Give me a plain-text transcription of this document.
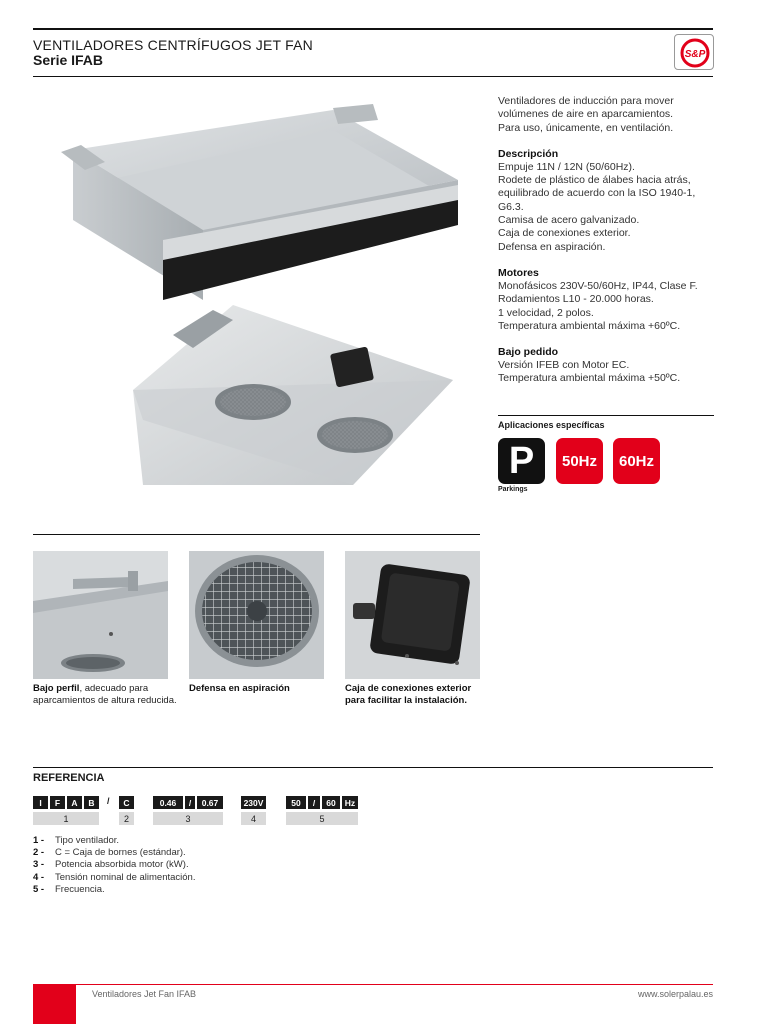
VENTILADORES CENTRÍFUGOS JET FAN
Serie IFAB	S&P

Ventiladores de inducción para mover
volúmenes de aire en aparcamientos.
Para uso, únicamente, en ventilación.

Descripción

Empuje 11N / 12N (50/60Hz).
Rodete de plástico de álabes hacia atrás,
equilibrado de acuerdo con la ISO 1940-1,
G6.3.
Camisa de acero galvanizado.
Caja de conexiones exterior.
Defensa en aspiración.

Motores

Monofásicos 230V-50/60Hz, IP44, Clase F.
Rodamientos L10 - 20.000 horas.
1 velocidad, 2 polos.
Temperatura ambiental máxima +60ºC.

Bajo pedido

Versión IFEB con Motor EC.
Temperatura ambiental máxima +50ºC.

Aplicaciones específicas
P	50Hz	60Hz
Parkings
Bajo perfil, adecuado para aparcamientos de altura reducida.
Defensa en aspiración	Caja de conexiones exterior para facilitar la instalación.
REFERENCIA
I	F	A	B	/	C	0.46	/	0.67	230V	50	/	60	Hz
1	2	3	4	5
1 -	Tipo ventilador.
2 -	C = Caja de bornes (estándar).
3 -	Potencia absorbida motor (kW).
4 -	Tensión nominal de alimentación.
5 -	Frecuencia.
Ventiladores Jet Fan IFAB	www.solerpalau.es
